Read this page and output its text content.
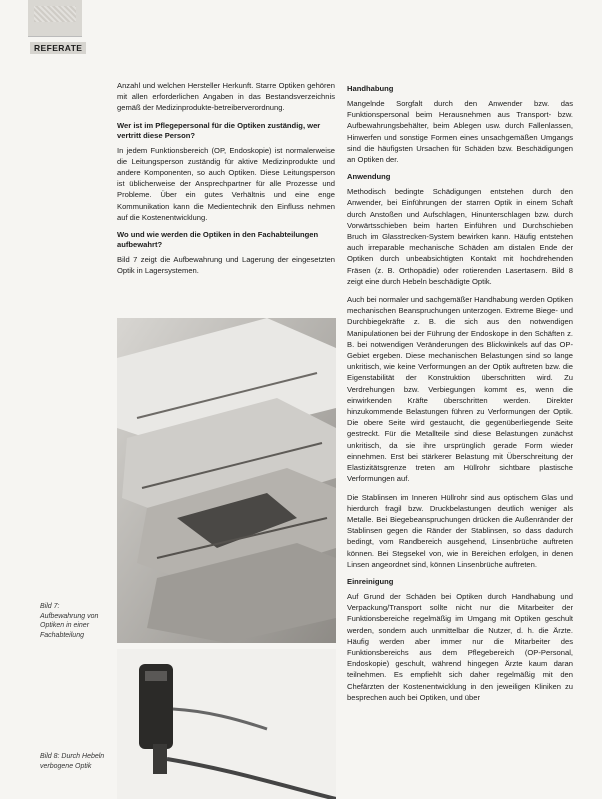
REFERATE

Anzahl und welchen Hersteller Herkunft. Starre Optiken gehören mit allen erforderlichen Angaben in das Bestandsverzeichnis gemäß der Medizinprodukte-betreiberverordnung.

Wer ist im Pflegepersonal für die Optiken zuständig, wer vertritt diese Person?

In jedem Funktionsbereich (OP, Endoskopie) ist normalerweise die Leitungsperson zuständig für aktive Medizinprodukte und andere Komponenten, so auch Optiken. Diese Leitungsperson ist üblicherweise der Ansprechpartner für alle Prozesse und Probleme. Über ein gutes Verhältnis und eine enge Kommunikation kann die Medientechnik den Einfluss nehmen auf die Kostenentwicklung.

Wo und wie werden die Optiken in den Fachabteilungen aufbewahrt?

Bild 7 zeigt die Aufbewahrung und Lagerung der eingesetzten Optik in Lagersystemen.

Bild 7: Aufbewahrung von Optiken in einer Fachabteilung
Bild 8: Durch Hebeln verbogene Optik
Handhabung

Mangelnde Sorgfalt durch den Anwender bzw. das Funktionspersonal beim Herausnehmen aus Transport- bzw. Aufbewahrungsbehälter, beim Ablegen usw. durch Fallenlassen, Hinwerfen und sonstige Formen eines unsachgemäßen Umgangs sind die häufigsten Ursachen für Schäden bzw. Beschädigungen an Optiken der.

Anwendung

Methodisch bedingte Schädigungen entstehen durch den Anwender, bei Einführungen der starren Optik in einem Schaft durch Anstoßen und Aufschlagen, Hinunterschlagen bzw. durch Vorwärtsschieben beim harten Einführen und Durchschieben Bruch im Glasstrecken-System bewirken kann. Häufig entstehen auch irreparable mechanische Schäden am distalen Ende der Optiken durch unbeabsichtigten Kontakt mit hochdrehenden Fräsen (z. B. Orthopädie) oder rotierenden Lasertasern. Bild 8 zeigt eine durch Hebeln beschädigte Optik.

Auch bei normaler und sachgemäßer Handhabung werden Optiken mechanischen Beanspruchungen unterzogen. Extreme Biege- und Durchbiegekräfte z. B. die sich aus den notwendigen Manipulationen bei der Führung der Endoskope in den Schäften z. B. bei notwendigen Veränderungen des Blickwinkels auf das OP-Gebiet ergeben. Diese mechanischen Belastungen sind so lange unkritisch, wie keine Verformungen an der Optik auftreten bzw. die Eigenstabilität der Konstruktion überschritten wird. Zu Verdrehungen bzw. Verbiegungen kommt es, wenn die einwirkenden Kräfte überschritten werden. Direkter hinzukommende Belastungen führen zu Verformungen der Optik. Die obere Seite wird gestaucht, die gegenüberliegende Seite gestreckt. Für die Metallteile sind diese Belastungen zunächst unkritisch, da sie ihre ursprünglich gerade Form wieder einnehmen. Erst bei stärkerer Belastung mit Überschreitung der Elastizitätsgrenze treten am Hüllrohr sichtbare plastische Verformungen auf.

Die Stablinsen im Inneren Hüllrohr sind aus optischem Glas und hierdurch fragil bzw. Druckbelastungen deutlich weniger als Metalle. Bei Biegebeanspruchungen drücken die Außenränder der Stablinsen gegen die Ränder der Stablinsen, so dass dadurch bedingt, vom Randbereich ausgehend, Linsenbrüche auftreten können. Bei Stegsekel von, wie in Bereichen erfolgen, in denen Linsen angeordnet sind, können Linsenbrüche auftreten.

Einreinigung

Auf Grund der Schäden bei Optiken durch Handhabung und Verpackung/Transport sollte nicht nur die Mitarbeiter der Funktionsbereiche regelmäßig im Umgang mit Optiken geschult werden, sondern auch unmittelbar die Nutzer, d. h. die Ärzte. Häufig werden aber immer nur die Mitarbeiter des Funktionsbereichs aus dem Pflegebereich (OP-Personal, Endoskopie) geschult, während hingegen Ärzte kaum daran teilnehmen. Es empfiehlt sich daher regelmäßig mit den Chefärzten der Kostenentwicklung in den jeweiligen Kliniken zu besprechen auch bei Optiken, und über
